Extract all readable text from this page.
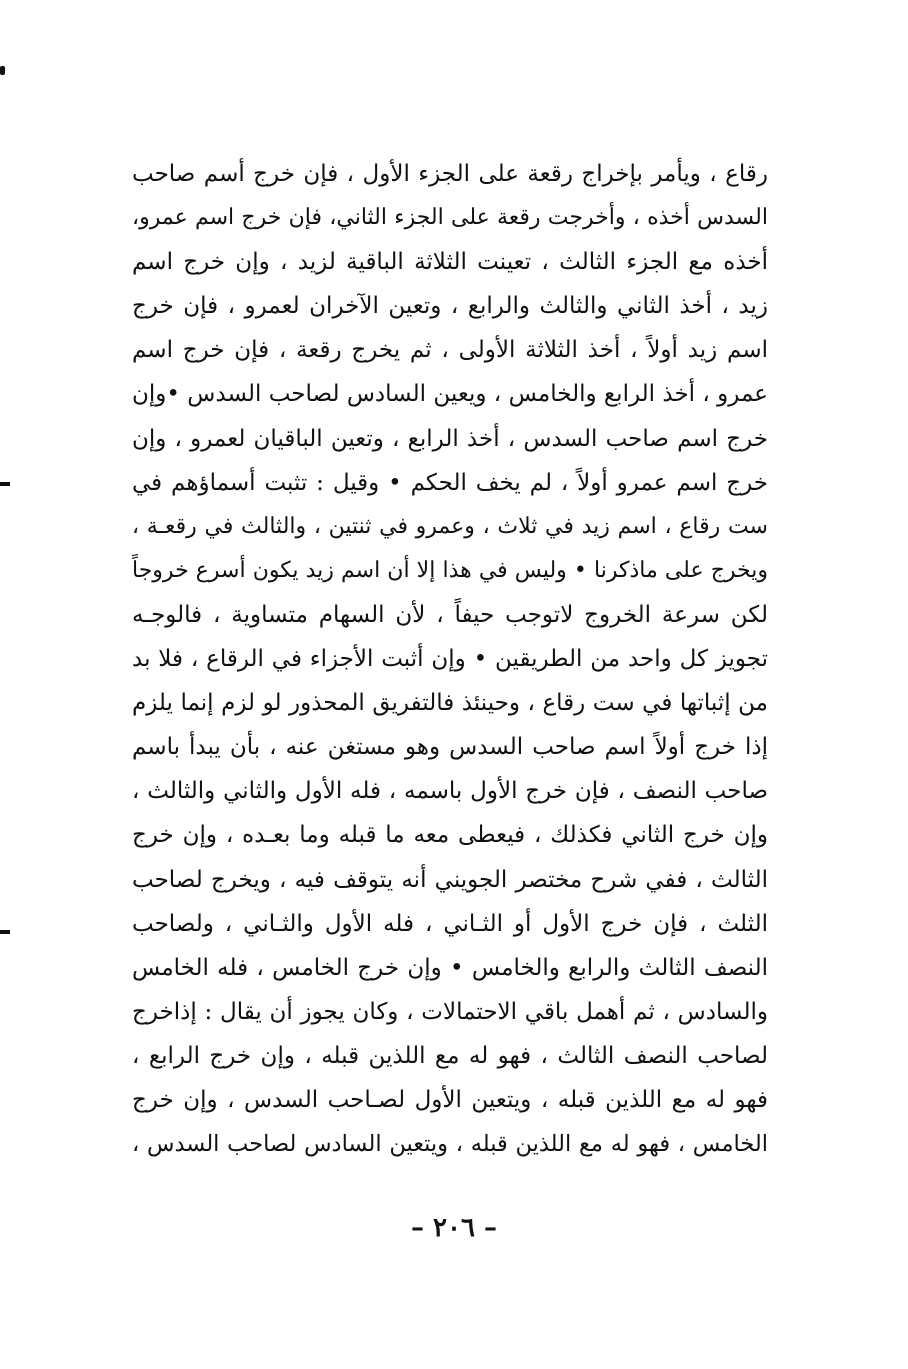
رقاع ، ويأمر بإخراج رقعة على الجزء الأول ، فإن خرج أسم صاحب
السدس أخذه ، وأخرجت رقعة على الجزء الثاني، فإن خرج اسم عمرو،
أخذه مع الجزء الثالث ، تعينت الثلاثة الباقية لزيد ، وإن خرج اسم
زيد ، أخذ الثاني والثالث والرابع ، وتعين الآخران لعمرو ، فإن خرج
اسم زيد أولاً ، أخذ الثلاثة الأولى ، ثم يخرج رقعة ، فإن خرج اسم
عمرو ، أخذ الرابع والخامس ، ويعين السادس لصاحب السدس •وإن
خرج اسم صاحب السدس ، أخذ الرابع ، وتعين الباقيان لعمرو ، وإن
خرج اسم عمرو أولاً ، لم يخف الحكم • وقيل : تثبت أسماؤهم في
ست رقاع ، اسم زيد في ثلاث ، وعمرو في ثنتين ، والثالث في رقعـة ،
ويخرج على ماذكرنا • وليس في هذا إلا أن اسم زيد يكون أسرع خروجاً
لكن سرعة الخروج لاتوجب حيفاً ، لأن السهام متساوية ، فالوجـه
تجويز كل واحد من الطريقين • وإن أثبت الأجزاء في الرقاع ، فلا بد
من إثباتها في ست رقاع ، وحينئذ فالتفريق المحذور لو لزم إنما يلزم
إذا خرج أولاً اسم صاحب السدس وهو مستغن عنه ، بأن يبدأ باسم
صاحب النصف ، فإن خرج الأول باسمه ، فله الأول والثاني والثالث ،
وإن خرج الثاني فكذلك ، فيعطى معه ما قبله وما بعـده ، وإن خرج
الثالث ، ففي شرح مختصر الجويني أنه يتوقف فيه ، ويخرج لصاحب
الثلث ، فإن خرج الأول أو الثـاني ، فله الأول والثـاني ، ولصاحب
النصف الثالث والرابع والخامس • وإن خرج الخامس ، فله الخامس
والسادس ، ثم أهمل باقي الاحتمالات ، وكان يجوز أن يقال : إذاخرج
لصاحب النصف الثالث ، فهو له مع اللذين قبله ، وإن خرج الرابع ،
فهو له مع اللذين قبله ، ويتعين الأول لصـاحب السدس ، وإن خرج
الخامس ، فهو له مع اللذين قبله ، ويتعين السادس لصاحب السدس ،
– ٢٠٦ –
